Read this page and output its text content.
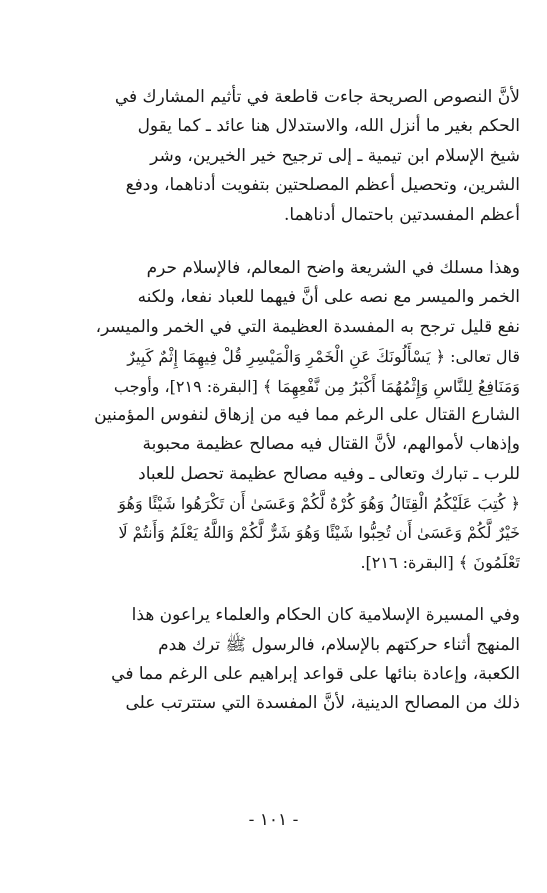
لأنَّ النصوص الصريحة جاءت قاطعة في تأثيم المشارك في
الحكم بغير ما أنزل الله، والاستدلال هنا عائد ـ كما يقول
شيخ الإسلام ابن تيمية ـ إلى ترجيح خير الخيرين، وشر
الشرين، وتحصيل أعظم المصلحتين بتفويت أدناهما، ودفع
أعظم المفسدتين باحتمال أدناهما.
وهذا مسلك في الشريعة واضح المعالم، فالإسلام حرم
الخمر والميسر مع نصه على أنَّ فيهما للعباد نفعا، ولكنه
نفع قليل ترجح به المفسدة العظيمة التي في الخمر والميسر،
قال تعالى: ﴿ يَسْأَلُونَكَ عَنِ الْخَمْرِ وَالْمَيْسِرِ قُلْ فِيهِمَا إِثْمٌ كَبِيرٌ
وَمَنَافِعُ لِلنَّاسِ وَإِثْمُهُمَا أَكْبَرُ مِن نَّفْعِهِمَا ﴾ [البقرة: ٢١٩]، وأوجب
الشارع القتال على الرغم مما فيه من إزهاق لنفوس المؤمنين
وإذهاب لأموالهم، لأنَّ القتال فيه مصالح عظيمة محبوبة
للرب ـ تبارك وتعالى ـ وفيه مصالح عظيمة تحصل للعباد
﴿ كُتِبَ عَلَيْكُمُ الْقِتَالُ وَهُوَ كُرْهٌ لَّكُمْ وَعَسَىٰ أَن تَكْرَهُوا شَيْئًا وَهُوَ
خَيْرٌ لَّكُمْ وَعَسَىٰ أَن تُحِبُّوا شَيْئًا وَهُوَ شَرٌّ لَّكُمْ وَاللَّهُ يَعْلَمُ وَأَنتُمْ لَا
تَعْلَمُونَ ﴾ [البقرة: ٢١٦].
وفي المسيرة الإسلامية كان الحكام والعلماء يراعون هذا
المنهج أثناء حركتهم بالإسلام، فالرسول ﷺ ترك هدم
الكعبة، وإعادة بنائها على قواعد إبراهيم على الرغم مما في
ذلك من المصالح الدينية، لأنَّ المفسدة التي ستترتب على
- ١٠١ -
